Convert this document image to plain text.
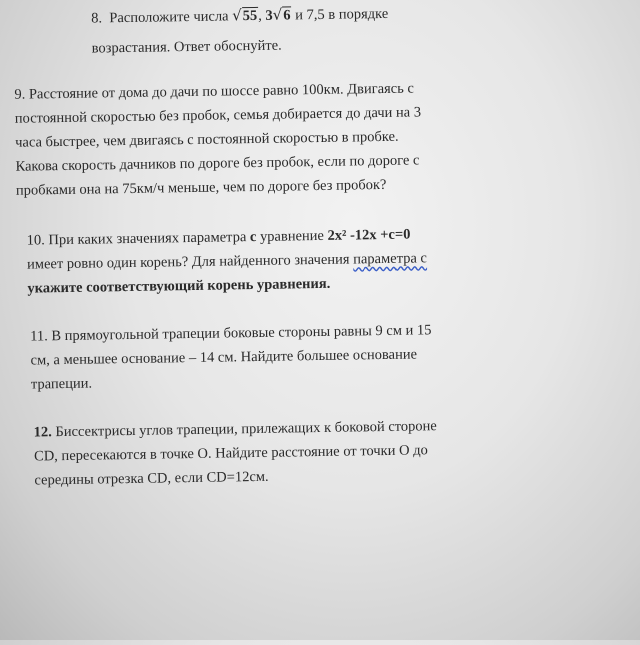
8. Расположите числа √55, 3√6 и 7,5 в порядке
возрастания. Ответ обоснуйте.
9. Расстояние от дома до дачи по шоссе равно 100км. Двигаясь с
постоянной скоростью без пробок, семья добирается до дачи на 3
часа быстрее, чем двигаясь с постоянной скоростью в пробке.
Какова скорость дачников по дороге без пробок, если по дороге с
пробками она на 75км/ч меньше, чем по дороге без пробок?
10. При каких значениях параметра с уравнение 2x² -12x +c=0
имеет ровно один корень? Для найденного значения параметра с
укажите соответствующий корень уравнения.
11. В прямоугольной трапеции боковые стороны равны 9 см и 15
см, а меньшее основание – 14 см. Найдите большее основание
трапеции.
12. Биссектрисы углов трапеции, прилежащих к боковой стороне
CD, пересекаются в точке O. Найдите расстояние от точки O до
середины отрезка CD, если CD=12см.
